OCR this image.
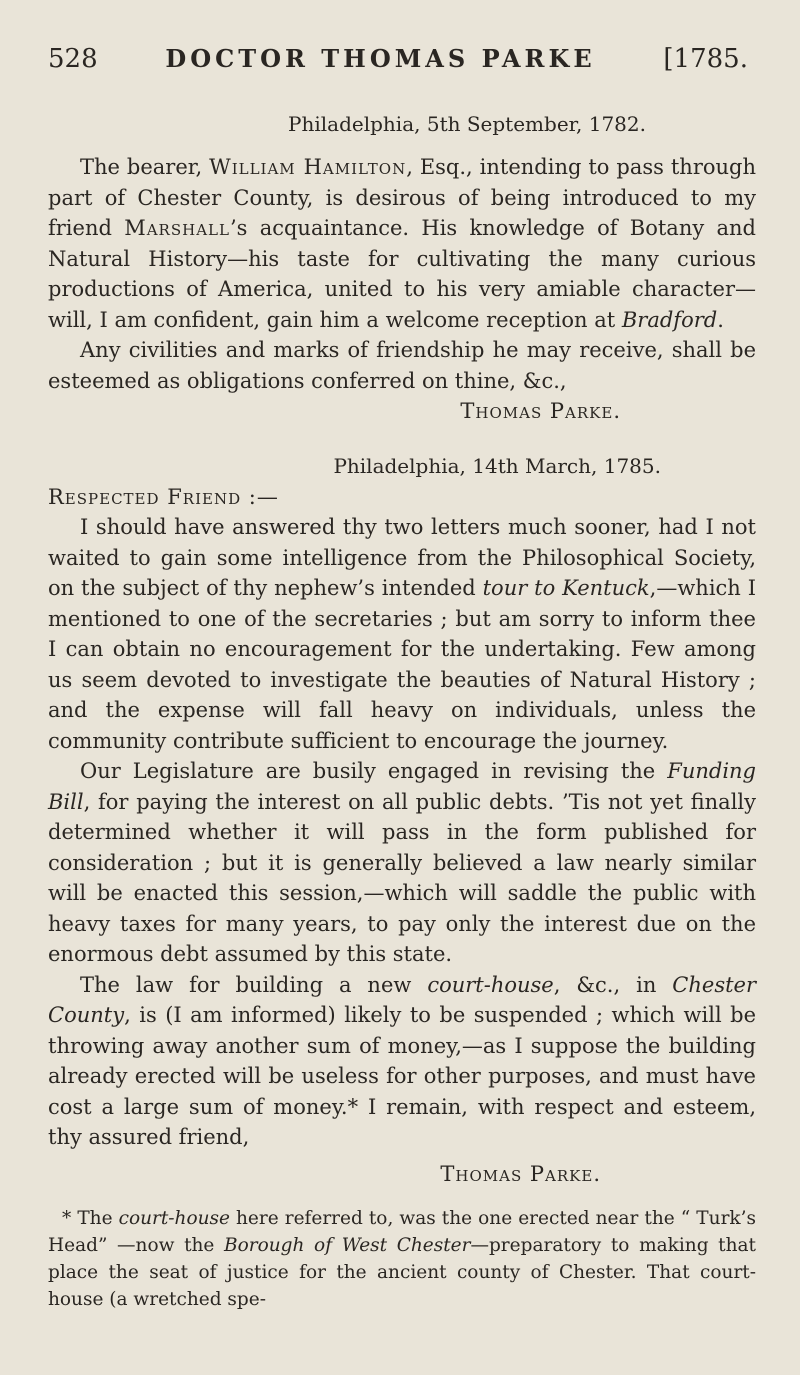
528	DOCTOR THOMAS PARKE	[1785.
Philadelphia, 5th September, 1782.

The bearer, William Hamilton, Esq., intending to pass through part of Chester County, is desirous of being introduced to my friend Marshall’s acquaintance. His knowledge of Botany and Natural History—his taste for cultivating the many curious productions of America, united to his very amiable character—will, I am confident, gain him a welcome reception at Bradford.

Any civilities and marks of friendship he may receive, shall be esteemed as obligations conferred on thine, &c.,

Thomas Parke.
Philadelphia, 14th March, 1785.
Respected Friend :—

I should have answered thy two letters much sooner, had I not waited to gain some intelligence from the Philosophical Society, on the subject of thy nephew’s intended tour to Kentuck,—which I mentioned to one of the secretaries ; but am sorry to inform thee I can obtain no encouragement for the undertaking. Few among us seem devoted to investigate the beauties of Natural History ; and the expense will fall heavy on individuals, unless the community contribute sufficient to encourage the journey.

Our Legislature are busily engaged in revising the Funding Bill, for paying the interest on all public debts. ’Tis not yet finally determined whether it will pass in the form published for consideration ; but it is generally believed a law nearly similar will be enacted this session,—which will saddle the public with heavy taxes for many years, to pay only the interest due on the enormous debt assumed by this state.

The law for building a new court-house, &c., in Chester County, is (I am informed) likely to be suspended ; which will be throwing away another sum of money,—as I suppose the building already erected will be useless for other purposes, and must have cost a large sum of money.* I remain, with respect and esteem, thy assured friend,

Thomas Parke.

* The court-house here referred to, was the one erected near the “ Turk’s Head” —now the Borough of West Chester—preparatory to making that place the seat of justice for the ancient county of Chester. That court-house (a wretched spe-
